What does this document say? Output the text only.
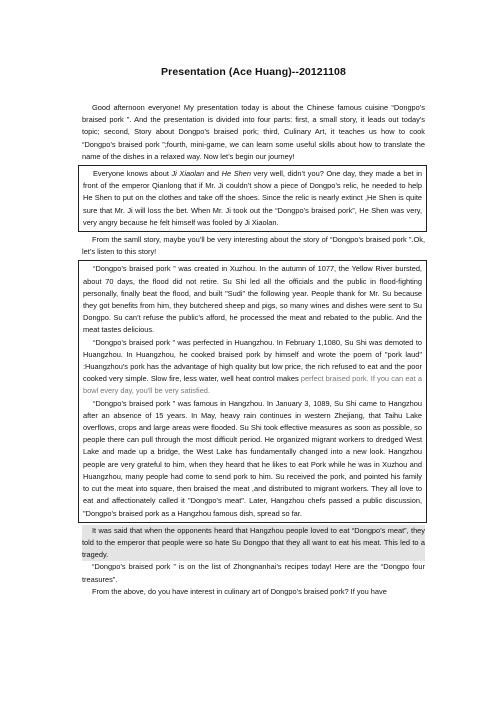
Presentation (Ace Huang)--20121108

Good afternoon everyone! My presentation today is about the Chinese famous cuisine “Dongpo’s braised pork ”. And the presentation is divided into four parts: first, a small story, it leads out today’s topic; second, Story about Dongpo’s braised pork; third, Culinary Art, it teaches us how to cook “Dongpo’s braised pork ”;fourth, mini-game, we can learn some useful skills about how to translate the name of the dishes in a relaxed way. Now let’s begin our journey!

Everyone knows about Ji Xiaolan and He Shen very well, didn’t you? One day, they made a bet in front of the emperor Qianlong that if Mr. Ji couldn’t show a piece of Dongpo’s relic, he needed to help He Shen to put on the clothes and take off the shoes. Since the relic is nearly extinct ,He Shen is quite sure that Mr. Ji will loss the bet. When Mr. Ji took out the “Dongpo’s braised pork”, He Shen was very, very angry because he felt himself was fooled by Ji Xiaolan.

From the samll story, maybe you’ll be very interesting about the story of “Dongpo’s braised pork ”.Ok, let’s listen to this story!

“Dongpo’s braised pork ” was created in Xuzhou. In the autumn of 1077, the Yellow River bursted, about 70 days, the flood did not retire. Su Shi led all the officials and the public in flood-fighting personally, finally beat the flood, and built "Sudi" the following year. People thank for Mr. Su because they got benefits from him, they butchered sheep and pigs, so many wines and dishes were sent to Su Dongpo. Su can’t refuse the public’s afford, he processed the meat and rebated to the public. And the meat tastes delicious.

“Dongpo’s braised pork ” was perfected in Huangzhou. In February 1,1080, Su Shi was demoted to Huangzhou. In Huangzhou, he cooked braised pork by himself and wrote the poem of "pork laud" :Huangzhou's pork has the advantage of high quality but low price, the rich refused to eat and the poor cooked very simple. Slow fire, less water, well heat control makes perfect braised pork. If you can eat a bowl every day, you'll be very satisfied.

“Dongpo’s braised pork ” was famous in Hangzhou. In January 3, 1089, Su Shi came to Hangzhou after an absence of 15 years. In May, heavy rain continues in western Zhejiang, that Taihu Lake overflows, crops and large areas were flooded. Su Shi took effective measures as soon as possible, so people there can pull through the most difficult period. He organized migrant workers to dredged West Lake and made up a bridge, the West Lake has fundamentally changed into a new look. Hangzhou people are very grateful to him, when they heard that he likes to eat Pork while he was in Xuzhou and Huangzhou, many people had come to send pork to him. Su received the pork, and pointed his family to cut the meat into square, then braised the meat ,and distributed to migrant workers. They all love to eat and affectionately called it "Dongpo's meat". Later, Hangzhou chefs passed a public discussion, "Dongpo's braised pork as a Hangzhou famous dish, spread so far.

It was said that when the opponents heard that Hangzhou people loved to eat “Dongpo’s meat”, they told to the emperor that people were so hate Su Dongpo that they all want to eat his meat. This led to a tragedy.

“Dongpo’s braised pork ” is on the list of Zhongnanhai’s recipes today! Here are the “Dongpo four treasures”.

From the above, do you have interest in culinary art of Dongpo’s braised pork? If you have
